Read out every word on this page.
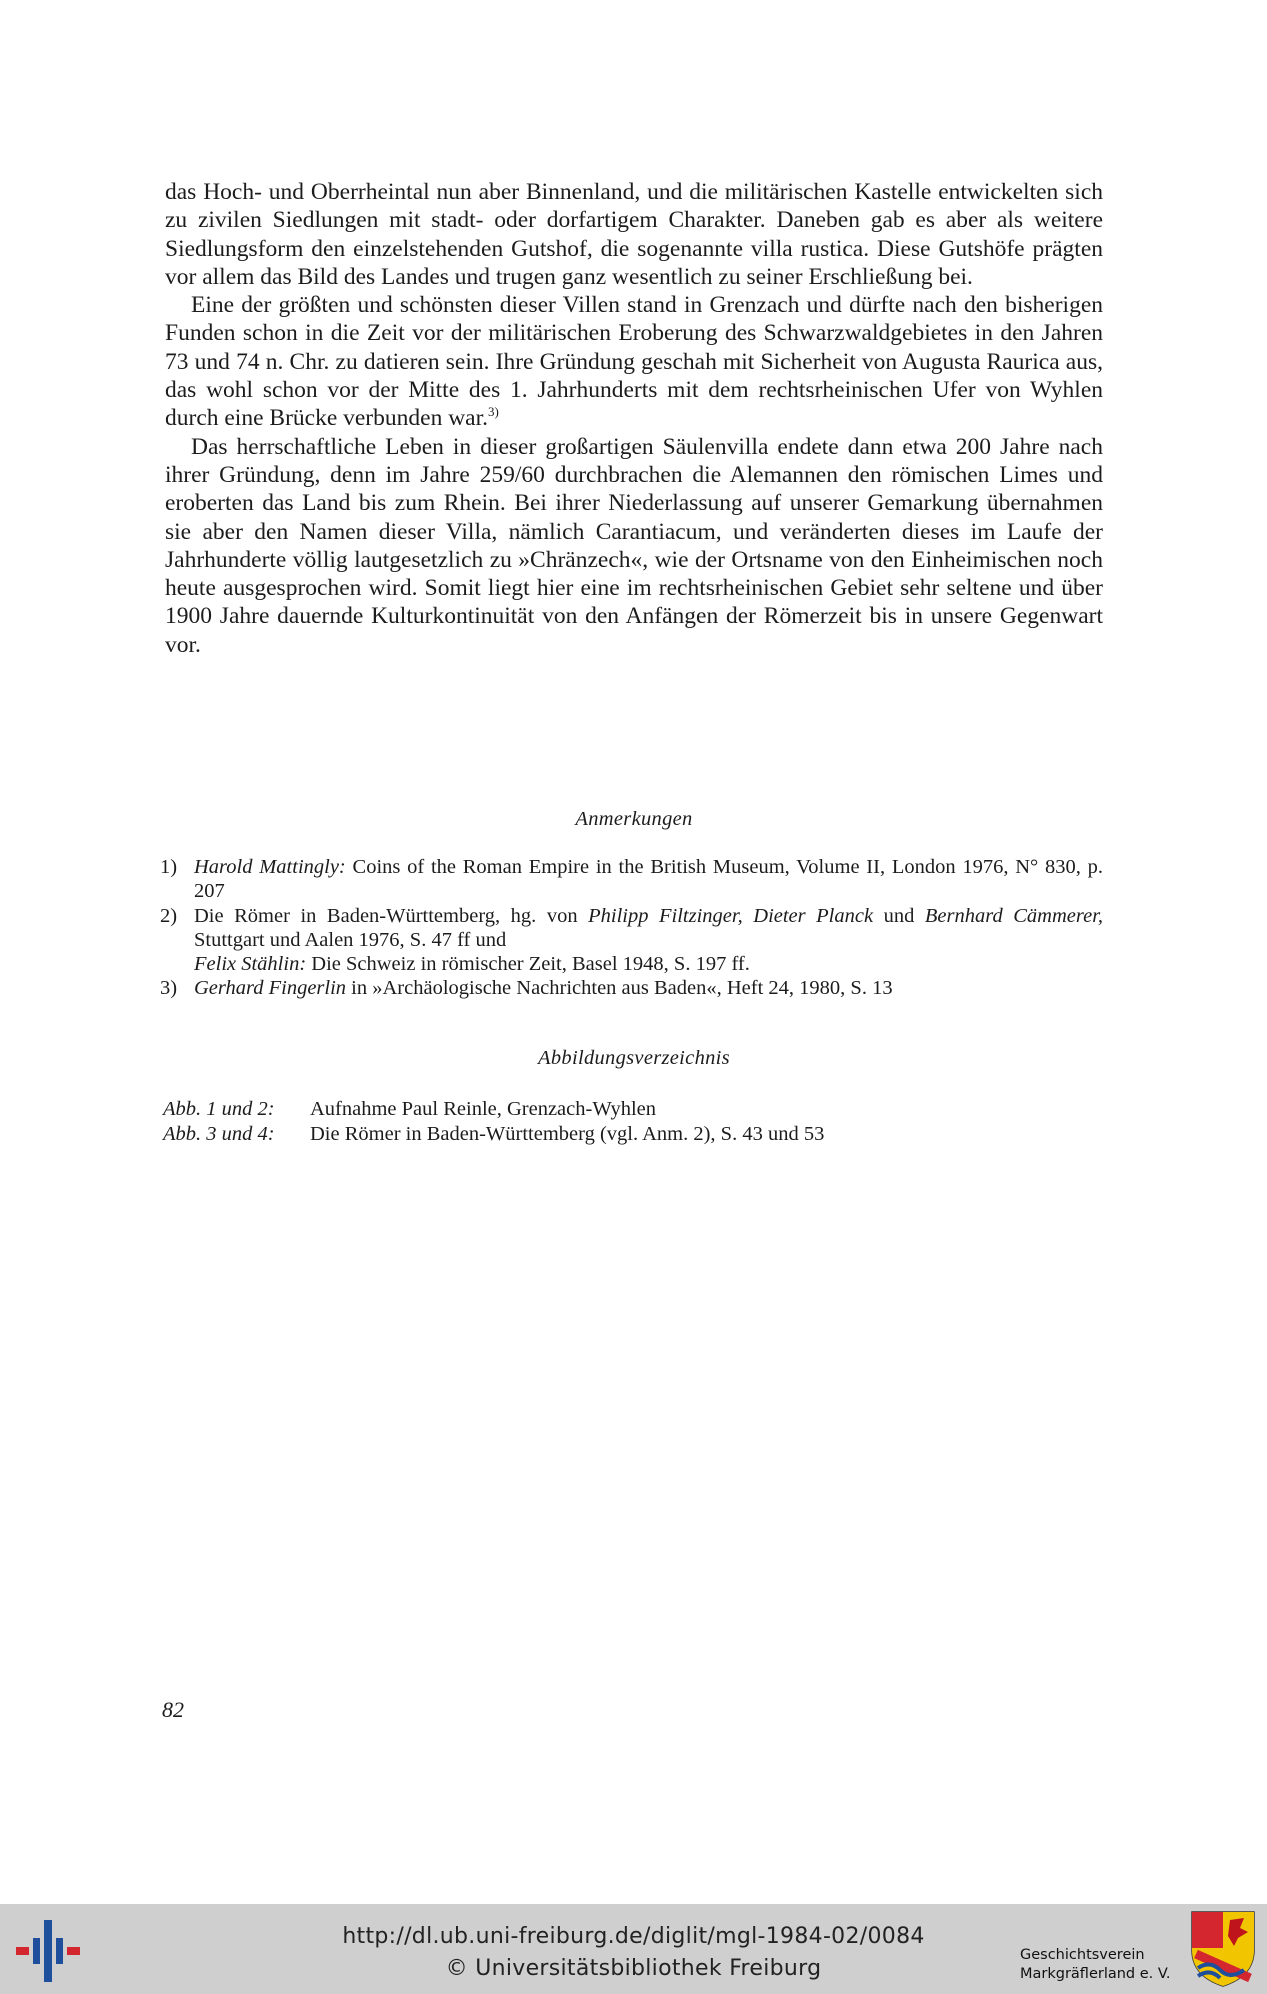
das Hoch- und Oberrheintal nun aber Binnenland, und die militärischen Kastelle entwickelten sich zu zivilen Siedlungen mit stadt- oder dorfartigem Charakter. Daneben gab es aber als weitere Siedlungsform den einzelstehenden Gutshof, die sogenannte villa rustica. Diese Gutshöfe prägten vor allem das Bild des Landes und trugen ganz wesentlich zu seiner Erschließung bei.

Eine der größten und schönsten dieser Villen stand in Grenzach und dürfte nach den bisherigen Funden schon in die Zeit vor der militärischen Eroberung des Schwarzwaldgebietes in den Jahren 73 und 74 n. Chr. zu datieren sein. Ihre Gründung geschah mit Sicherheit von Augusta Raurica aus, das wohl schon vor der Mitte des 1. Jahrhunderts mit dem rechtsrheinischen Ufer von Wyhlen durch eine Brücke verbunden war.$^{3)}$

Das herrschaftliche Leben in dieser großartigen Säulenvilla endete dann etwa 200 Jahre nach ihrer Gründung, denn im Jahre 259/60 durchbrachen die Alemannen den römischen Limes und eroberten das Land bis zum Rhein. Bei ihrer Niederlassung auf unserer Gemarkung übernahmen sie aber den Namen dieser Villa, nämlich Carantiacum, und veränderten dieses im Laufe der Jahrhunderte völlig lautgesetzlich zu »Chränzech«, wie der Ortsname von den Einheimischen noch heute ausgesprochen wird. Somit liegt hier eine im rechtsrheinischen Gebiet sehr seltene und über 1900 Jahre dauernde Kulturkontinuität von den Anfängen der Römerzeit bis in unsere Gegenwart vor.

Anmerkungen
1) Harold Mattingly: Coins of the Roman Empire in the British Museum, Volume II, London 1976, N° 830, p. 207
2) Die Römer in Baden-Württemberg, hg. von Philipp Filtzinger, Dieter Planck und Bernhard Cämmerer, Stuttgart und Aalen 1976, S. 47 ff und
Felix Stählin: Die Schweiz in römischer Zeit, Basel 1948, S. 197 ff.
3) Gerhard Fingerlin in »Archäologische Nachrichten aus Baden«, Heft 24, 1980, S. 13
Abbildungsverzeichnis
Abb. 1 und 2:	Aufnahme Paul Reinle, Grenzach-Wyhlen
Abb. 3 und 4:	Die Römer in Baden-Württemberg (vgl. Anm. 2), S. 43 und 53
82
http://dl.ub.uni-freiburg.de/diglit/mgl-1984-02/0084
© Universitätsbibliothek Freiburg
Geschichtsverein
Markgräflerland e. V.
